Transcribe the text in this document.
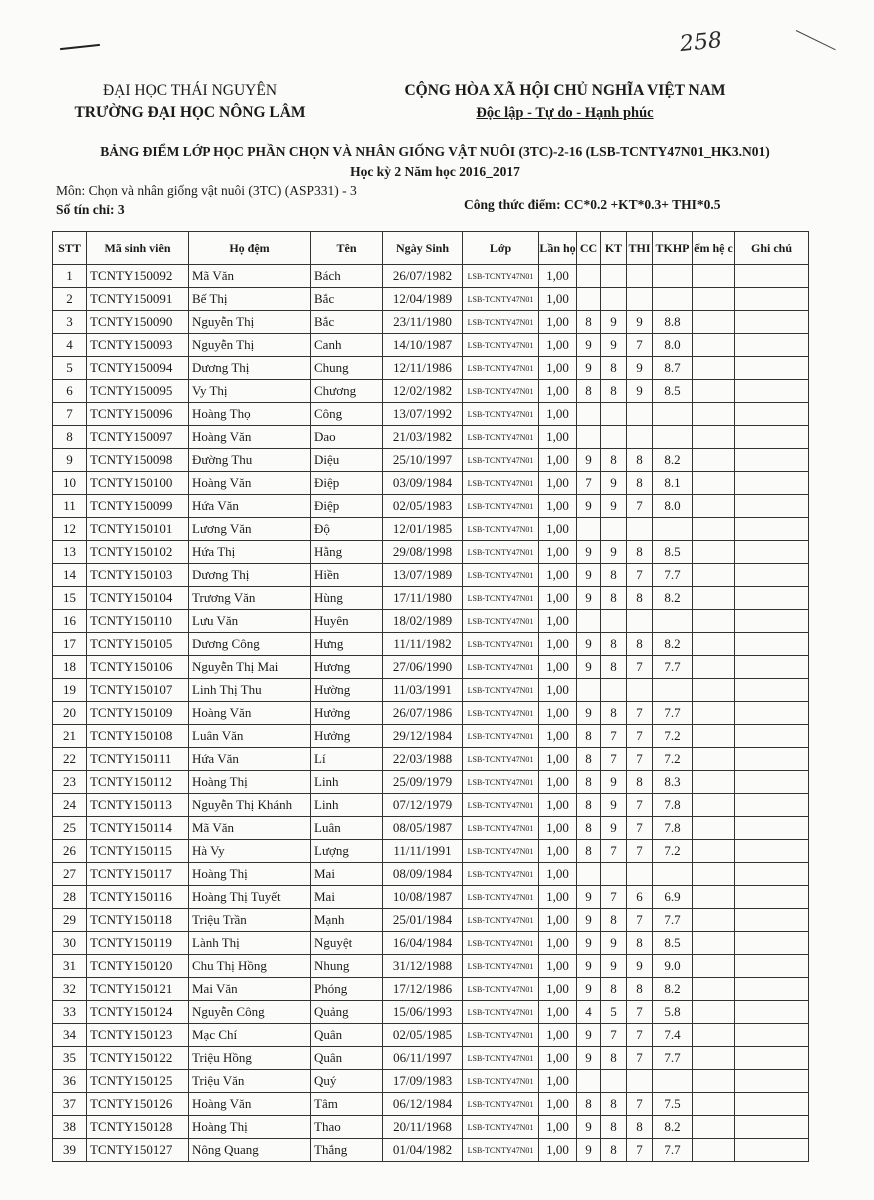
258
ĐẠI HỌC THÁI NGUYÊN
TRƯỜNG ĐẠI HỌC NÔNG LÂM
CỘNG HÒA XÃ HỘI CHỦ NGHĨA VIỆT NAM
Độc lập - Tự do - Hạnh phúc
BẢNG ĐIỂM LỚP HỌC PHẦN CHỌN VÀ NHÂN GIỐNG VẬT NUÔI (3TC)-2-16 (LSB-TCNTY47N01_HK3.N01)
Học kỳ 2 Năm học 2016_2017
Môn: Chọn và nhân giống vật nuôi (3TC) (ASP331) - 3
Số tín chỉ: 3	Công thức điểm: CC*0.2 +KT*0.3+ THI*0.5
STT	Mã sinh viên	Họ đệm	Tên	Ngày Sinh	Lớp	Lần họ	CC	KT	THI	TKHP	ểm hệ c	Ghi chú
1	TCNTY150092	Mã Văn	Bách	26/07/1982	LSB-TCNTY47N01	1,00						
2	TCNTY150091	Bế Thị	Bắc	12/04/1989	LSB-TCNTY47N01	1,00						
3	TCNTY150090	Nguyễn Thị	Bắc	23/11/1980	LSB-TCNTY47N01	1,00	8	9	9	8.8		
4	TCNTY150093	Nguyễn Thị	Canh	14/10/1987	LSB-TCNTY47N01	1,00	9	9	7	8.0		
5	TCNTY150094	Dương Thị	Chung	12/11/1986	LSB-TCNTY47N01	1,00	9	8	9	8.7		
6	TCNTY150095	Vy Thị	Chương	12/02/1982	LSB-TCNTY47N01	1,00	8	8	9	8.5		
7	TCNTY150096	Hoàng Thọ	Công	13/07/1992	LSB-TCNTY47N01	1,00						
8	TCNTY150097	Hoàng Văn	Dao	21/03/1982	LSB-TCNTY47N01	1,00						
9	TCNTY150098	Đường Thu	Diệu	25/10/1997	LSB-TCNTY47N01	1,00	9	8	8	8.2		
10	TCNTY150100	Hoàng Văn	Điệp	03/09/1984	LSB-TCNTY47N01	1,00	7	9	8	8.1		
11	TCNTY150099	Hứa Văn	Điệp	02/05/1983	LSB-TCNTY47N01	1,00	9	9	7	8.0		
12	TCNTY150101	Lương Văn	Độ	12/01/1985	LSB-TCNTY47N01	1,00						
13	TCNTY150102	Hứa Thị	Hằng	29/08/1998	LSB-TCNTY47N01	1,00	9	9	8	8.5		
14	TCNTY150103	Dương Thị	Hiền	13/07/1989	LSB-TCNTY47N01	1,00	9	8	7	7.7		
15	TCNTY150104	Trương Văn	Hùng	17/11/1980	LSB-TCNTY47N01	1,00	9	8	8	8.2		
16	TCNTY150110	Lưu Văn	Huyên	18/02/1989	LSB-TCNTY47N01	1,00						
17	TCNTY150105	Dương Công	Hưng	11/11/1982	LSB-TCNTY47N01	1,00	9	8	8	8.2		
18	TCNTY150106	Nguyễn Thị Mai	Hương	27/06/1990	LSB-TCNTY47N01	1,00	9	8	7	7.7		
19	TCNTY150107	Linh Thị Thu	Hường	11/03/1991	LSB-TCNTY47N01	1,00						
20	TCNTY150109	Hoàng Văn	Hưởng	26/07/1986	LSB-TCNTY47N01	1,00	9	8	7	7.7		
21	TCNTY150108	Luân Văn	Hưởng	29/12/1984	LSB-TCNTY47N01	1,00	8	7	7	7.2		
22	TCNTY150111	Hứa Văn	Lí	22/03/1988	LSB-TCNTY47N01	1,00	8	7	7	7.2		
23	TCNTY150112	Hoàng Thị	Linh	25/09/1979	LSB-TCNTY47N01	1,00	8	9	8	8.3		
24	TCNTY150113	Nguyễn Thị Khánh	Linh	07/12/1979	LSB-TCNTY47N01	1,00	8	9	7	7.8		
25	TCNTY150114	Mã Văn	Luân	08/05/1987	LSB-TCNTY47N01	1,00	8	9	7	7.8		
26	TCNTY150115	Hà Vy	Lượng	11/11/1991	LSB-TCNTY47N01	1,00	8	7	7	7.2		
27	TCNTY150117	Hoàng Thị	Mai	08/09/1984	LSB-TCNTY47N01	1,00						
28	TCNTY150116	Hoàng Thị Tuyết	Mai	10/08/1987	LSB-TCNTY47N01	1,00	9	7	6	6.9		
29	TCNTY150118	Triệu Trần	Mạnh	25/01/1984	LSB-TCNTY47N01	1,00	9	8	7	7.7		
30	TCNTY150119	Lành Thị	Nguyệt	16/04/1984	LSB-TCNTY47N01	1,00	9	9	8	8.5		
31	TCNTY150120	Chu Thị Hồng	Nhung	31/12/1988	LSB-TCNTY47N01	1,00	9	9	9	9.0		
32	TCNTY150121	Mai Văn	Phóng	17/12/1986	LSB-TCNTY47N01	1,00	9	8	8	8.2		
33	TCNTY150124	Nguyễn Công	Quảng	15/06/1993	LSB-TCNTY47N01	1,00	4	5	7	5.8		
34	TCNTY150123	Mạc Chí	Quân	02/05/1985	LSB-TCNTY47N01	1,00	9	7	7	7.4		
35	TCNTY150122	Triệu Hồng	Quân	06/11/1997	LSB-TCNTY47N01	1,00	9	8	7	7.7		
36	TCNTY150125	Triệu Văn	Quý	17/09/1983	LSB-TCNTY47N01	1,00						
37	TCNTY150126	Hoàng Văn	Tâm	06/12/1984	LSB-TCNTY47N01	1,00	8	8	7	7.5		
38	TCNTY150128	Hoàng Thị	Thao	20/11/1968	LSB-TCNTY47N01	1,00	9	8	8	8.2		
39	TCNTY150127	Nông Quang	Thắng	01/04/1982	LSB-TCNTY47N01	1,00	9	8	7	7.7		
